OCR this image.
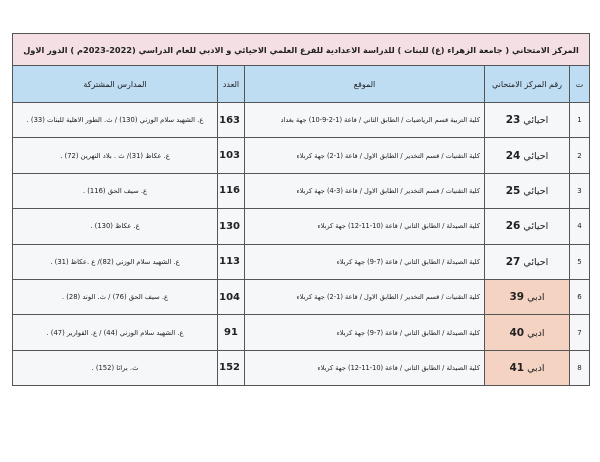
المركز الامتحاني ( جامعة الزهراء (ع) للبنات ) للدراسة الاعدادية للفرع العلمي الاحيائي و الادبي للعام الدراسي (2022-2023م ) الدور الاول				
ت	رقم المركز الامتحاني	الموقع	العدد	المدارس المشتركة
1	احيائي 23	كلية التربية قسم الرياضيات / الطابق الثاني / قاعة (1-2-9-10) جهة بغداد	163	ع. الشهيد سلام الوزني (130) / ث. الطور الاهلية للبنات (33) .
2	احيائي 24	كلية التقنيات / قسم التخدير / الطابق الاول / قاعة (1-2) جهة كربلاء	103	ع. عكاظ (31)/ ث . بلاد النهرين (72) .
3	احيائي 25	كلية التقنيات / قسم التخدير / الطابق الاول / قاعة (3-4) جهة كربلاء	116	ع. سيف الحق (116) .
4	احيائي 26	كلية الصيدلة / الطابق الثاني / قاعة (10-11-12) جهة كربلاء	130	ع. عكاظ (130) .
5	احيائي 27	كلية الصيدلة / الطابق الثاني / قاعة (7-9) جهة كربلاء	113	ع. الشهيد سلام الوزني (82)/ ع .عكاظ (31) .
6	ادبي 39	كلية التقنيات / قسم التخدير / الطابق الاول / قاعة (1-2) جهة كربلاء	104	ع. سيف الحق (76) / ث. الوند (28) .
7	ادبي 40	كلية الصيدلة / الطابق الثاني / قاعة (7-9) جهة كربلاء	91	ع. الشهيد سلام الوزني (44) / ع. القوارير (47) .
8	ادبي 41	كلية الصيدلة / الطابق الثاني / قاعة (10-11-12) جهة كربلاء	152	ث. براثا (152) .
